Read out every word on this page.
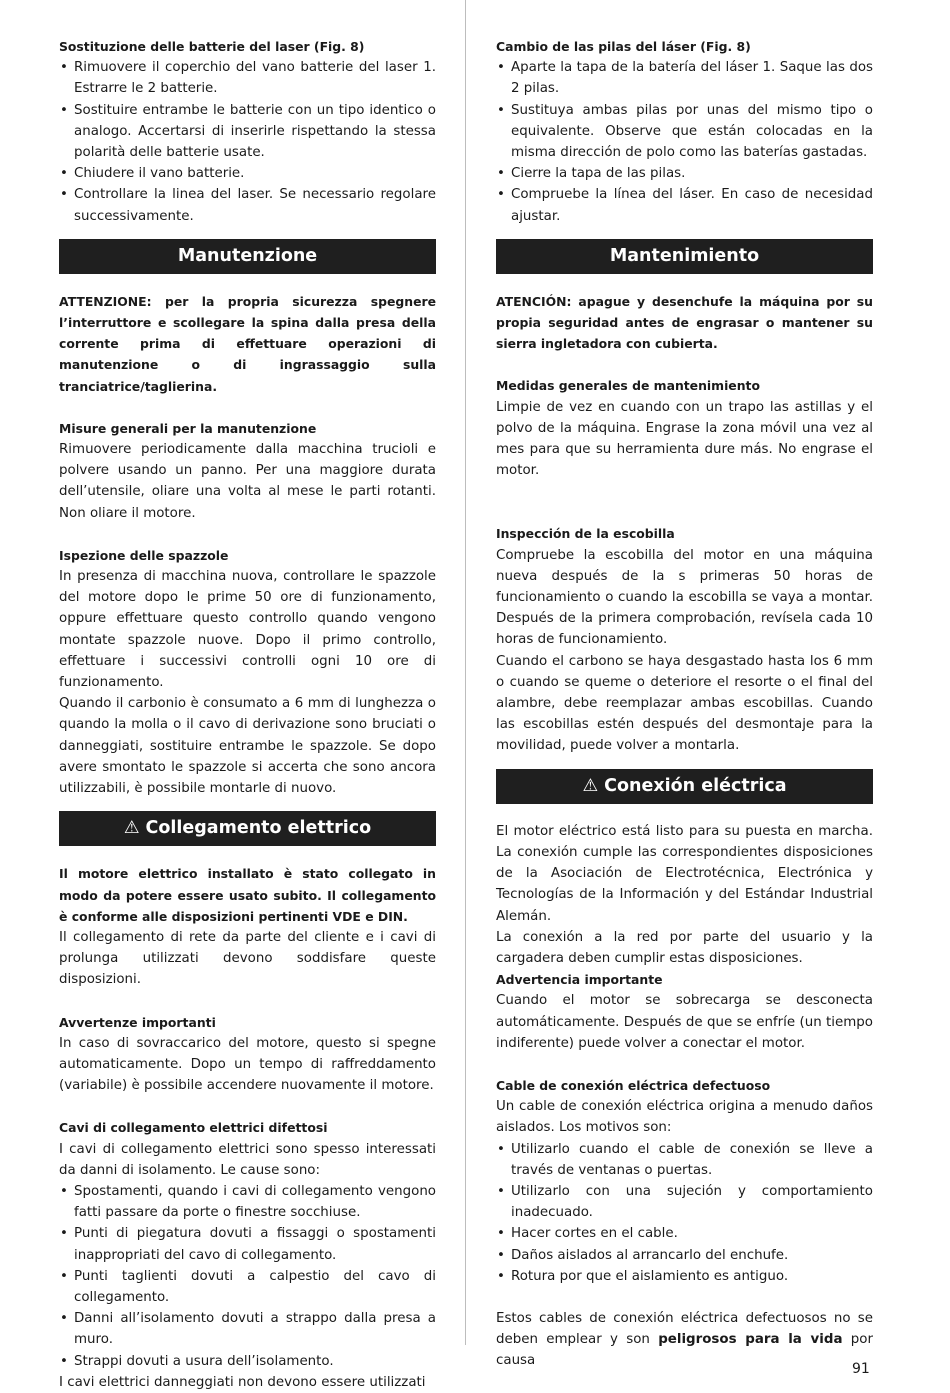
Sostituzione delle batterie del laser (Fig. 8)

• Rimuovere il coperchio del vano batterie del laser 1. Estrarre le 2 batterie.
• Sostituire entrambe le batterie con un tipo identico o analogo. Accertarsi di inserirle rispettando la stessa polarità delle batterie usate.
• Chiudere il vano batterie.
• Controllare la linea del laser. Se necessario regolare successivamente.
Manutenzione

ATTENZIONE: per la propria sicurezza spegnere l’interruttore e scollegare la spina dalla presa della corrente prima di effettuare operazioni di manutenzione o di ingrassaggio sulla tranciatrice/taglierina.

Misure generali per la manutenzione

Rimuovere periodicamente dalla macchina trucioli e polvere usando un panno. Per una maggiore durata dell’utensile, oliare una volta al mese le parti rotanti. Non oliare il motore.

Ispezione delle spazzole

In presenza di macchina nuova, controllare le spazzole del motore dopo le prime 50 ore di funzionamento, oppure effettuare questo controllo quando vengono montate spazzole nuove. Dopo il primo controllo, effettuare i successivi controlli ogni 10 ore di funzionamento.

Quando il carbonio è consumato a 6 mm di lunghezza o quando la molla o il cavo di derivazione sono bruciati o danneggiati, sostituire entrambe le spazzole. Se dopo avere smontato le spazzole si accerta che sono ancora utilizzabili, è possibile montarle di nuovo.

⚠ Collegamento elettrico

Il motore elettrico installato è stato collegato in modo da potere essere usato subito. Il collegamento è conforme alle disposizioni pertinenti VDE e DIN.

Il collegamento di rete da parte del cliente e i cavi di prolunga utilizzati devono soddisfare queste disposizioni.

Avvertenze importanti

In caso di sovraccarico del motore, questo si spegne automaticamente. Dopo un tempo di raffreddamento (variabile) è possibile accendere nuovamente il motore.

Cavi di collegamento elettrici difettosi

I cavi di collegamento elettrici sono spesso interessati da danni di isolamento. Le cause sono:

• Spostamenti, quando i cavi di collegamento vengono fatti passare da porte o finestre socchiuse.
• Punti di piegatura dovuti a fissaggi o spostamenti inappropriati del cavo di collegamento.
• Punti taglienti dovuti a calpestio del cavo di collegamento.
• Danni all’isolamento dovuti a strappo dalla presa a muro.
• Strappi dovuti a usura dell’isolamento.

I cavi elettrici danneggiati non devono essere utilizzati

Cambio de las pilas del láser (Fig. 8)

• Aparte la tapa de la batería del láser 1. Saque las dos 2 pilas.
• Sustituya ambas pilas por unas del mismo tipo o equivalente. Observe que están colocadas en la misma dirección de polo como las baterías gastadas.
• Cierre la tapa de las pilas.
• Compruebe la línea del láser. En caso de necesidad ajustar.
Mantenimiento

ATENCIÓN: apague y desenchufe la máquina por su propia seguridad antes de engrasar o mantener su sierra ingletadora con cubierta.

Medidas generales de mantenimiento

Limpie de vez en cuando con un trapo las astillas y el polvo de la máquina. Engrase la zona móvil una vez al mes para que su herramienta dure más. No engrase el motor.

Inspección de la escobilla

Compruebe la escobilla del motor en una máquina nueva después de la s primeras 50 horas de funcionamiento o cuando la escobilla se vaya a montar. Después de la primera comprobación, revísela cada 10 horas de funcionamiento.

Cuando el carbono se haya desgastado hasta los 6 mm o cuando se queme o deteriore el resorte o el final del alambre, debe reemplazar ambas escobillas. Cuando las escobillas estén después del desmontaje para la movilidad, puede volver a montarla.

⚠ Conexión eléctrica

El motor eléctrico está listo para su puesta en marcha. La conexión cumple las correspondientes disposiciones de la Asociación de Electrotécnica, Electrónica y Tecnologías de la Información y del Estándar Industrial Alemán.

La conexión a la red por parte del usuario y la cargadera deben cumplir estas disposiciones.

Advertencia importante

Cuando el motor se sobrecarga se desconecta automáticamente. Después de que se enfríe (un tiempo indiferente) puede volver a conectar el motor.

Cable de conexión eléctrica defectuoso

Un cable de conexión eléctrica origina a menudo daños aislados. Los motivos son:

• Utilizarlo cuando el cable de conexión se lleve a través de ventanas o puertas.
• Utilizarlo con una sujeción y comportamiento inadecuado.
• Hacer cortes en el cable.
• Daños aislados al arrancarlo del enchufe.
• Rotura por que el aislamiento es antiguo.

Estos cables de conexión eléctrica defectuosos no se deben emplear y son peligrosos para la vida por causa

91
